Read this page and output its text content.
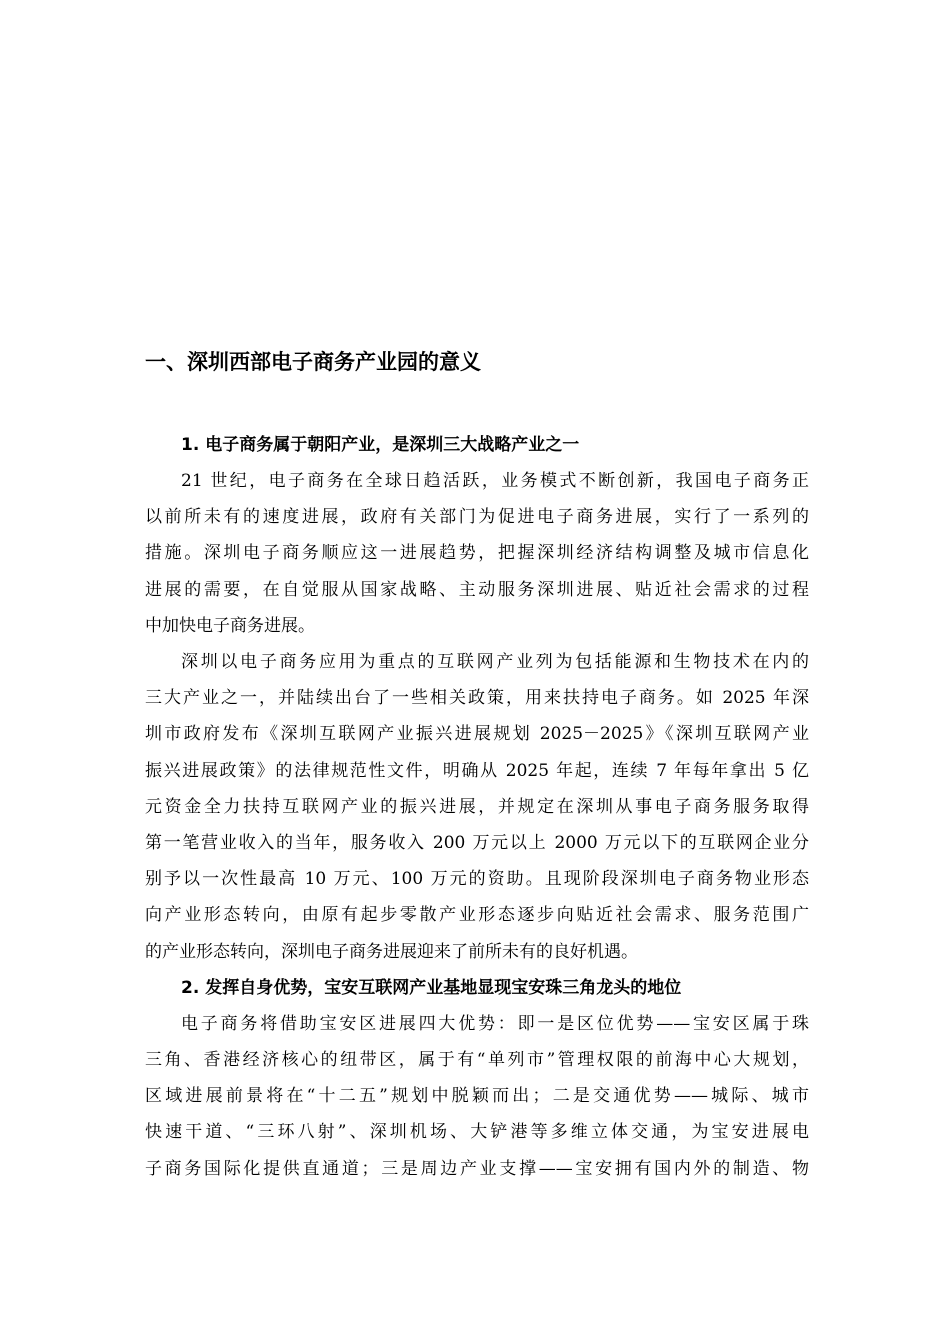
一、深圳西部电子商务产业园的意义
1. 电子商务属于朝阳产业，是深圳三大战略产业之一

21 世纪，电子商务在全球日趋活跃，业务模式不断创新，我国电子商务正
以前所未有的速度进展，政府有关部门为促进电子商务进展，实行了一系列的
措施。深圳电子商务顺应这一进展趋势，把握深圳经济结构调整及城市信息化
进展的需要，在自觉服从国家战略、主动服务深圳进展、贴近社会需求的过程
中加快电子商务进展。

深圳以电子商务应用为重点的互联网产业列为包括能源和生物技术在内的
三大产业之一，并陆续出台了一些相关政策，用来扶持电子商务。如 2025 年深
圳市政府发布《深圳互联网产业振兴进展规划 2025－2025》《深圳互联网产业
振兴进展政策》的法律规范性文件，明确从 2025 年起，连续 7 年每年拿出 5 亿
元资金全力扶持互联网产业的振兴进展，并规定在深圳从事电子商务服务取得
第一笔营业收入的当年，服务收入 200 万元以上 2000 万元以下的互联网企业分
别予以一次性最高 10 万元、100 万元的资助。且现阶段深圳电子商务物业形态
向产业形态转向，由原有起步零散产业形态逐步向贴近社会需求、服务范围广
的产业形态转向，深圳电子商务进展迎来了前所未有的良好机遇。

2. 发挥自身优势，宝安互联网产业基地显现宝安珠三角龙头的地位

电子商务将借助宝安区进展四大优势：即一是区位优势——宝安区属于珠
三角、香港经济核心的纽带区，属于有“单列市”管理权限的前海中心大规划，
区域进展前景将在“十二五”规划中脱颖而出；二是交通优势——城际、城市
快速干道、“三环八射”、深圳机场、大铲港等多维立体交通，为宝安进展电
子商务国际化提供直通道；三是周边产业支撑——宝安拥有国内外的制造、物
